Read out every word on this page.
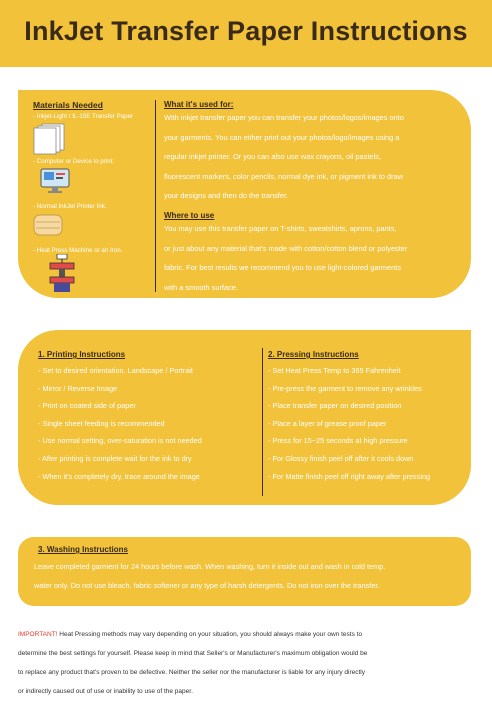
InkJet Transfer Paper Instructions
Materials Needed
- Inkjet-Light / IL-15E Transfer Paper
- Computer or Device to print.
- Normal InkJet Printer Ink.
- Heat Press Machine or an Iron.
What it's used for:
With inkjet transfer paper you can transfer your photos/logos/images onto
your garments. You can either print out your photos/logo/images using a
regular inkjet printer. Or you can also use wax crayons, oil pastels,
fluorescent markers, color pencils, normal dye ink, or pigment ink to draw
your designs and then do the transfer.
Where to use
You may use this transfer paper on T-shirts, sweatshirts, aprons, pants,
or just about any material that's made with cotton/cotton blend or polyester
fabric. For best results we recommend you to use light-colored garments
with a smooth surface.
1. Printing Instructions
- Set to desired orientation. Landscape / Portrait
- Mirror / Reverse Image
- Print on coated side of paper
- Single sheet feeding is recommended
- Use normal setting, over-saturation is not needed
- After printing is complete wait for the ink to dry
- When it's completely dry, trace around the image
2. Pressing Instructions
- Set Heat Press Temp to 365 Fahrenheit
- Pre-press the garment to remove any wrinkles
- Place transfer paper on desired position
- Place a layer of grease proof paper
- Press for 15~25 seconds at high pressure
- For Glossy finish peel off after it cools down
- For Matte finish peel off right away after pressing
3. Washing Instructions
Leave completed garment for 24 hours before wash. When washing, turn it inside out and wash in cold temp.
water only. Do not use bleach, fabric softener or any type of harsh detergents. Do not iron over the transfer.
IMPORTANT! Heat Pressing methods may vary depending on your situation, you should always make your own tests to
determine the best settings for yourself. Please keep in mind that Seller's or Manufacturer's maximum obligation would be
to replace any product that's proven to be defective. Neither the seller nor the manufacturer is liable for any injury directly
or indirectly caused out of use or inability to use of the paper.
